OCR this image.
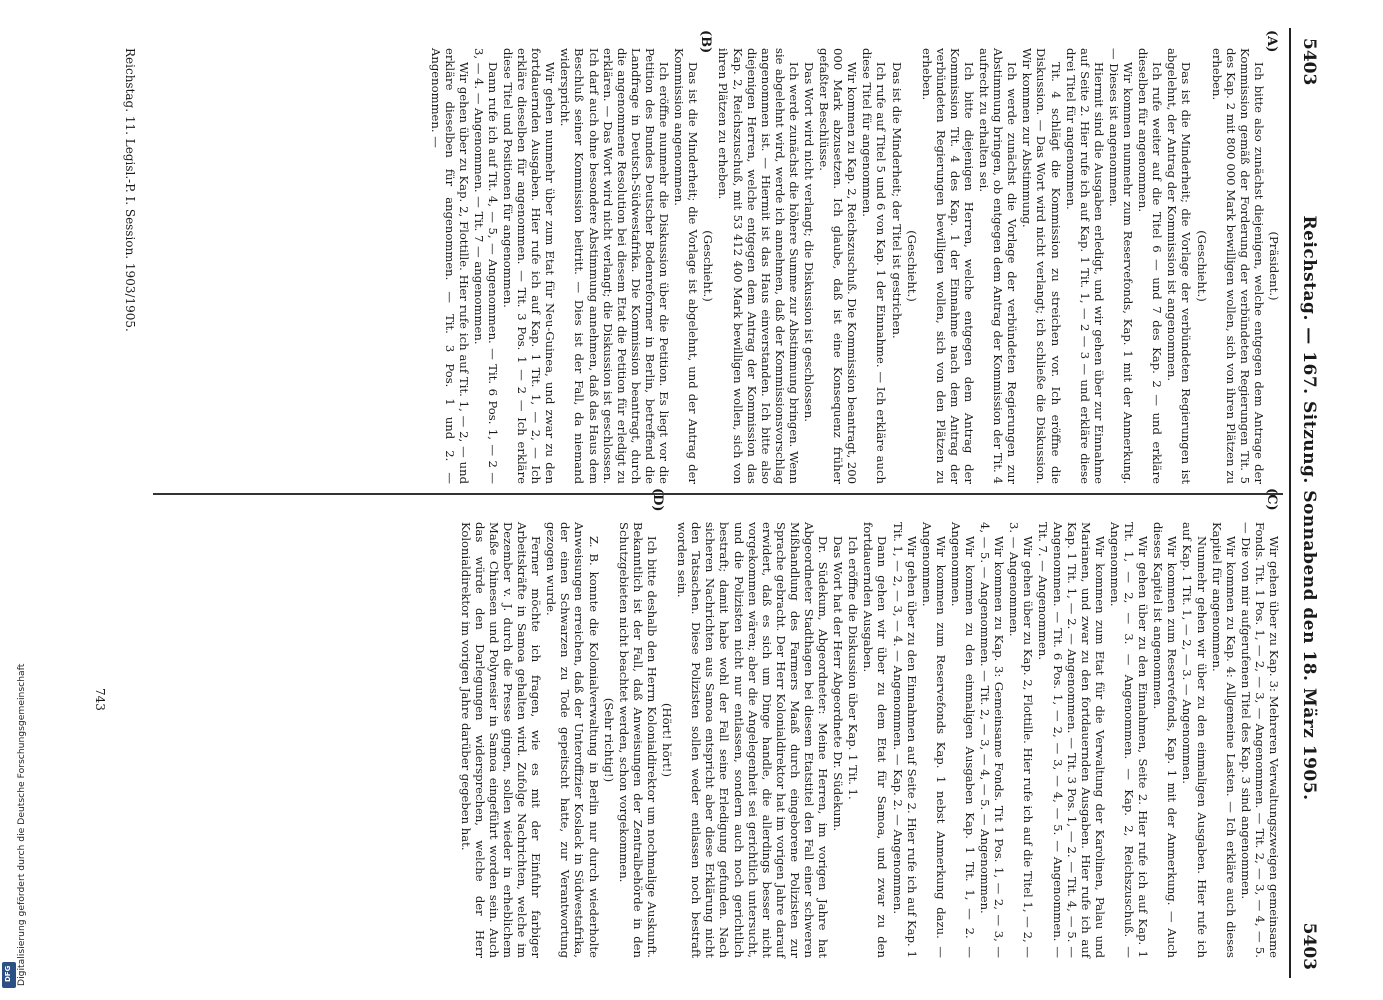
5403
Reichstag. — 167. Sitzung. Sonnabend den 18. März 1905.
5403
(A)
(B)
(C)
(D)

(Präsident.)

Ich bitte also zunächst diejenigen, welche entgegen dem Antrage der Kommission gemäß der Forderung der verbündeten Regierungen Tit. 5 des Kap. 2 mit 800 000 Mark bewilligen wollen, sich von ihren Plätzen zu erheben.

(Geschieht.)

Das ist die Minderheit; die Vorlage der verbündeten Regierungen ist abgelehnt, der Antrag der Kommission ist angenommen.

Ich rufe weiter auf die Titel 6 — und 7 des Kap. 2 — und erkläre dieselben für angenommen.

Wir kommen nunmehr zum Reservefonds, Kap. 1 mit der Anmerkung. — Dieses ist angenommen.

Hiermit sind die Ausgaben erledigt, und wir gehen über zur Einnahme auf Seite 2. Hier rufe ich auf Kap. 1 Tit. 1, — 2 — 3 — und erkläre diese drei Titel für angenommen.

Tit. 4 schlägt die Kommission zu streichen vor. Ich eröffne die Diskussion. — Das Wort wird nicht verlangt; ich schließe die Diskussion. Wir kommen zur Abstimmung.

Ich werde zunächst die Vorlage der verbündeten Regierungen zur Abstimmung bringen, ob entgegen dem Antrag der Kommission der Tit. 4 aufrecht zu erhalten sei.

Ich bitte diejenigen Herren, welche entgegen dem Antrag der Kommission Tit. 4 des Kap. 1 der Einnahme nach dem Antrag der verbündeten Regierungen bewilligen wollen, sich von den Plätzen zu erheben.

(Geschieht.)

Das ist die Minderheit; der Titel ist gestrichen.

Ich rufe auf Titel 5 und 6 von Kap. 1 der Einnahme. — Ich erkläre auch diese Titel für angenommen.

Wir kommen zu Kap. 2, Reichszuschuß. Die Kommission beantragt, 200 000 Mark abzusetzen. Ich glaube, daß ist eine Konsequenz früher gefaßter Beschlüsse.

Das Wort wird nicht verlangt; die Diskussion ist geschlossen.

Ich werde zunächst die höhere Summe zur Abstimmung bringen. Wenn sie abgelehnt wird, werde ich annehmen, daß der Kommissionsvorschlag angenommen ist. — Hiermit ist das Haus einverstanden. Ich bitte also diejenigen Herren, welche entgegen dem Antrag der Kommission das Kap. 2, Reichszuschuß, mit 53 412 400 Mark bewilligen wollen, sich von ihren Plätzen zu erheben.

(Geschieht.)

Das ist die Minderheit; die Vorlage ist abgelehnt, und der Antrag der Kommission angenommen.

Ich eröffne nunmehr die Diskussion über die Petition. Es liegt vor die Petition des Bundes Deutscher Bodenreformer in Berlin, betreffend die Landfrage in Deutsch-Südwestafrika. Die Kommission beantragt, durch die angenommene Resolution bei diesem Etat die Petition für erledigt zu erklären. — Das Wort wird nicht verlangt; die Diskussion ist geschlossen. Ich darf auch ohne besondere Abstimmung annehmen, daß das Haus dem Beschluß seiner Kommission beitritt. — Dies ist der Fall, da niemand widerspricht.

Wir gehen nunmehr über zum Etat für Neu-Guinea, und zwar zu den fortdauernden Ausgaben. Hier rufe ich auf Kap. 1 Tit. 1, — 2, — Ich erkläre dieselben für angenommen. — Tit. 3 Pos. 1 — 2 — Ich erkläre diese Titel und Positionen für angenommen.

Dann rufe ich auf Tit. 4, — 5, — Angenommen. — Tit. 6 Pos. 1, — 2 — 3, — 4. — Angenommen. — Tit. 7 — angenommen.

Wir gehen über zu Kap. 2, Flottille. Hier rufe ich auf Tit. 1, — 2, — und erkläre dieselben für angenommen. — Tit. 3 Pos. 1 und 2. — Angenommen. —

Wir gehen über zu Kap. 3: Mehreren Verwaltungszweigen gemeinsame Fonds. Tit. 1 Pos. 1, — 2, — 3, — Angenommen. — Tit. 2, — 3, — 4, — 5. — Die von mir aufgerufenen Titel des Kap. 3 sind angenommen.

Wir kommen zu Kap. 4: Allgemeine Lasten. — Ich erkläre auch dieses Kapitel für angenommen.

Nunmehr gehen wir über zu den einmaligen Ausgaben. Hier rufe ich auf Kap. 1 Tit. 1, — 2, — 3. — Angenommen.

Wir kommen zum Reservefonds, Kap. 1 mit der Anmerkung. — Auch dieses Kapitel ist angenommen.

Wir gehen über zu den Einnahmen, Seite 2. Hier rufe ich auf Kap. 1 Tit. 1, — 2, — 3. — Angenommen. — Kap. 2, Reichszuschuß. — Angenommen.

Wir kommen zum Etat für die Verwaltung der Karolinen, Palau und Marianen, und zwar zu den fortdauernden Ausgaben. Hier rufe ich auf Kap. 1 Tit. 1, — 2. — Angenommen. — Tit. 3 Pos. 1, — 2. — Tit. 4, — 5. — Angenommen. — Tit. 6 Pos. 1, — 2, — 3, — 4, — 5. — Angenommen. — Tit. 7. — Angenommen.

Wir gehen über zu Kap. 2, Flottille. Hier rufe ich auf die Titel 1, — 2, — 3. — Angenommen.

Wir kommen zu Kap. 3: Gemeinsame Fonds. Tit 1 Pos. 1, — 2, — 3, — 4, — 5. — Angenommen. — Tit. 2, — 3, — 4, — 5. — Angenommen.

Wir kommen zu den einmaligen Ausgaben Kap. 1 Tit. 1, — 2. — Angenommen.

Wir kommen zum Reservefonds Kap. 1 nebst Anmerkung dazu. — Angenommen.

Wir gehen über zu den Einnahmen auf Seite 2. Hier rufe ich auf Kap. 1 Tit. 1, — 2, — 3, — 4. — Angenommen. — Kap. 2. — Angenommen.

Dann gehen wir über zu dem Etat für Samoa, und zwar zu den fortdauernden Ausgaben.

Ich eröffne die Diskussion über Kap. 1 Tit. 1.

Das Wort hat der Herr Abgeordnete Dr. Südekum.

Dr. Südekum, Abgeordneter: Meine Herren, im vorigen Jahre hat Abgeordneter Stadthagen bei diesem Etatstitel den Fall einer schweren Mißhandlung des Farmers Maaß durch eingeborene Polizisten zur Sprache gebracht. Der Herr Kolonialdirektor hat im vorigen Jahre darauf erwidert, daß es sich um Dinge handle, die allerdings besser nicht vorgekommen wären; aber die Angelegenheit sei gerichtlich untersucht, und die Polizisten nicht nur entlassen, sondern auch noch gerichtlich bestraft; damit habe wohl der Fall seine Erledigung gefunden. Nach sicheren Nachrichten aus Samoa entspricht aber diese Erklärung nicht den Tatsachen. Diese Polizisten sollen weder entlassen noch bestraft worden sein.

(Hört! hört!)

Ich bitte deshalb den Herrn Kolonialdirektor um nochmalige Auskunft. Bekanntlich ist der Fall, daß Anweisungen der Zentralbehörde in den Schutzgebieten nicht beachtet werden, schon vorgekommen.

(Sehr richtig!)

Z. B. konnte die Kolonialverwaltung in Berlin nur durch wiederholte Anweisungen erreichen, daß der Unteroffizier Koslack in Südwestafrika, der einen Schwarzen zu Tode gepeitscht hatte, zur Verantwortung gezogen wurde.

Ferner möchte ich fragen, wie es mit der Einfuhr farbiger Arbeitskräfte in Samoa gehalten wird. Zufolge Nachrichten, welche im Dezember v. J. durch die Presse gingen, sollen wieder in erheblichem Maße Chinesen und Polynesier in Samoa eingeführt worden sein. Auch das würde den Darlegungen widersprechen, welche der Herr Kolonialdirektor im vorigen Jahre darüber gegeben hat.

Reichstag. 11. Legisl.-P. I. Session. 1903/1905.
743
Digitalisierung gefördert durch die Deutsche Forschungsgemeinschaft
DFG
